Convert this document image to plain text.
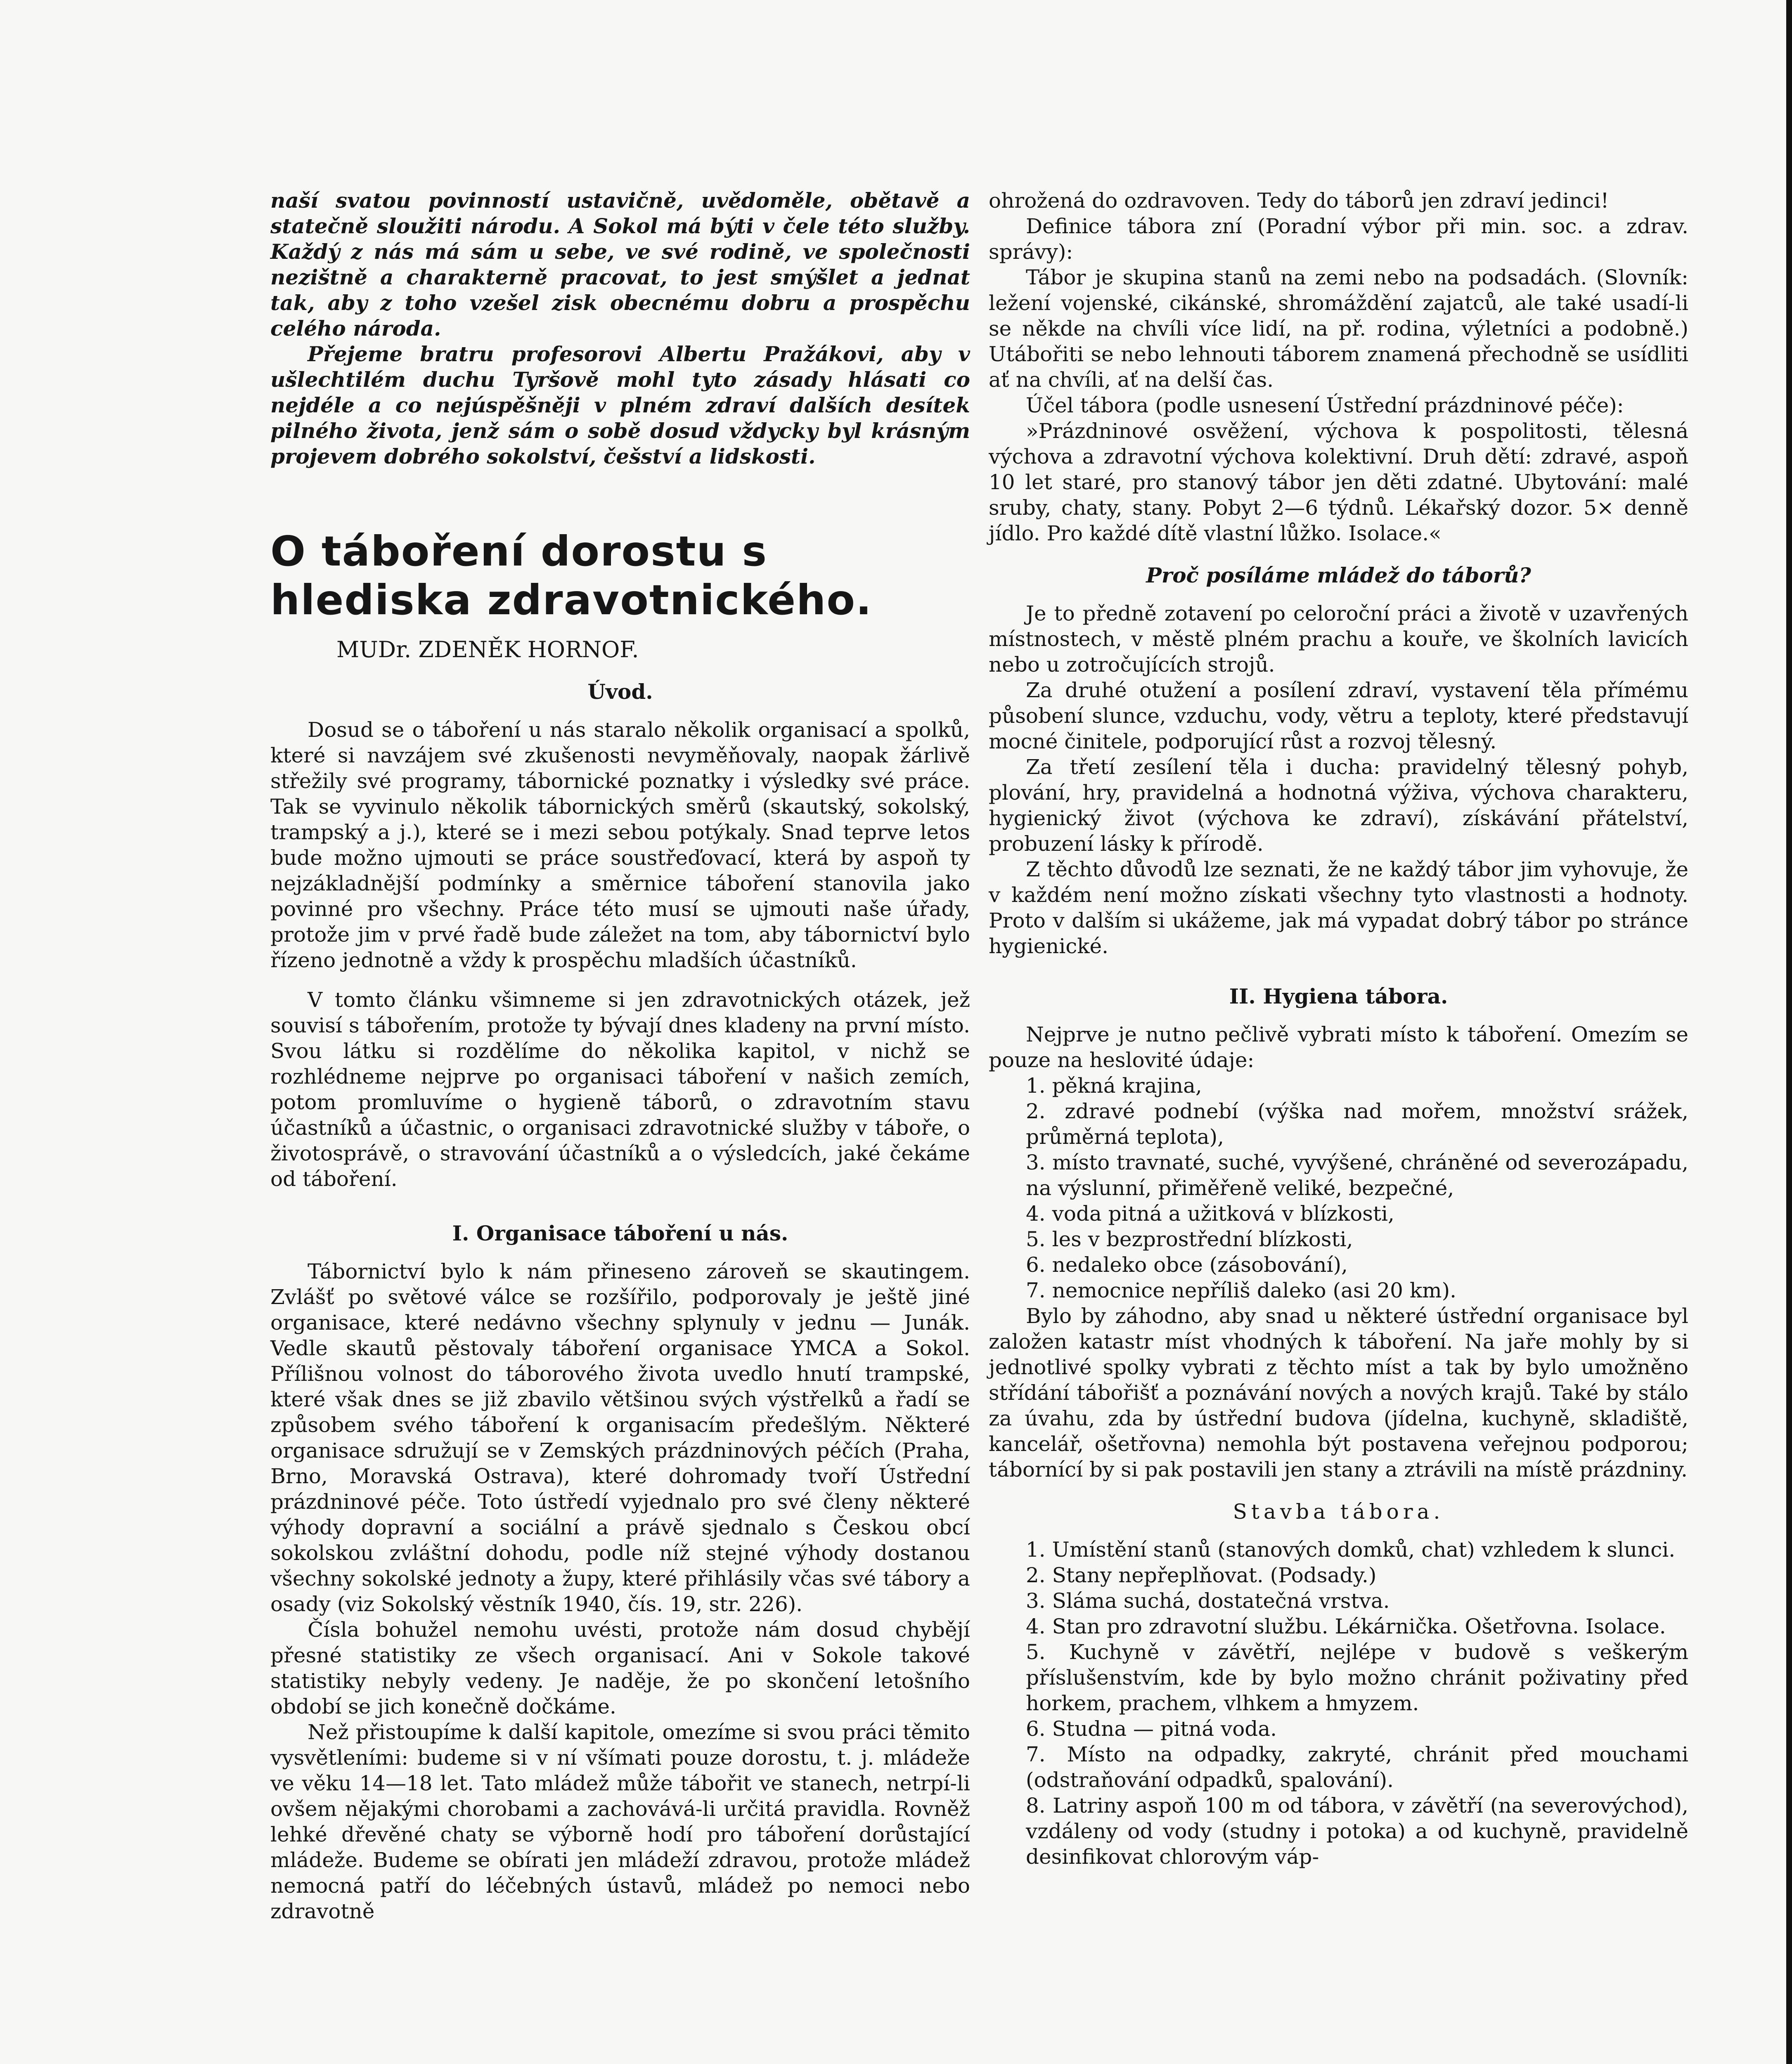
naší svatou povinností ustavičně, uvědoměle, obětavě a statečně sloužiti národu. A Sokol má býti v čele této služby. Každý z nás má sám u sebe, ve své rodině, ve společnosti nezištně a charakterně pracovat, to jest smýšlet a jednat tak, aby z toho vzešel zisk obecnému dobru a prospěchu celého národa.

Přejeme bratru profesorovi Albertu Pražákovi, aby v ušlechtilém duchu Tyršově mohl tyto zásady hlásati co nejdéle a co nejúspěšněji v plném zdraví dalších desítek pilného života, jenž sám o sobě dosud vždycky byl krásným projevem dobrého sokolství, češství a lidskosti.

O táboření dorostu s hlediska zdravotnického.

MUDr. ZDENĚK HORNOF.

Úvod.

Dosud se o táboření u nás staralo několik organisací a spolků, které si navzájem své zkušenosti nevyměňovaly, naopak žárlivě střežily své programy, tábornické poznatky i výsledky své práce. Tak se vyvinulo několik tábornických směrů (skautský, sokolský, trampský a j.), které se i mezi sebou potýkaly. Snad teprve letos bude možno ujmouti se práce soustřeďovací, která by aspoň ty nejzákladnější podmínky a směrnice táboření stanovila jako povinné pro všechny. Práce této musí se ujmouti naše úřady, protože jim v prvé řadě bude záležet na tom, aby tábornictví bylo řízeno jednotně a vždy k prospěchu mladších účastníků.

V tomto článku všimneme si jen zdravotnických otázek, jež souvisí s tábořením, protože ty bývají dnes kladeny na první místo. Svou látku si rozdělíme do několika kapitol, v nichž se rozhlédneme nejprve po organisaci táboření v našich zemích, potom promluvíme o hygieně táborů, o zdravotním stavu účastníků a účastnic, o organisaci zdravotnické služby v táboře, o životosprávě, o stravování účastníků a o výsledcích, jaké čekáme od táboření.

I. Organisace táboření u nás.

Tábornictví bylo k nám přineseno zároveň se skautingem. Zvlášť po světové válce se rozšířilo, podporovaly je ještě jiné organisace, které nedávno všechny splynuly v jednu — Junák. Vedle skautů pěstovaly táboření organisace YMCA a Sokol. Přílišnou volnost do táborového života uvedlo hnutí trampské, které však dnes se již zbavilo většinou svých výstřelků a řadí se způsobem svého táboření k organisacím předešlým. Některé organisace sdružují se v Zemských prázdninových péčích (Praha, Brno, Moravská Ostrava), které dohromady tvoří Ústřední prázdninové péče. Toto ústředí vyjednalo pro své členy některé výhody dopravní a sociální a právě sjednalo s Českou obcí sokolskou zvláštní dohodu, podle níž stejné výhody dostanou všechny sokolské jednoty a župy, které přihlásily včas své tábory a osady (viz Sokolský věstník 1940, čís. 19, str. 226).

Čísla bohužel nemohu uvésti, protože nám dosud chybějí přesné statistiky ze všech organisací. Ani v Sokole takové statistiky nebyly vedeny. Je naděje, že po skončení letošního období se jich konečně dočkáme.

Než přistoupíme k další kapitole, omezíme si svou práci těmito vysvětleními: budeme si v ní všímati pouze dorostu, t. j. mládeže ve věku 14—18 let. Tato mládež může tábořit ve stanech, netrpí-li ovšem nějakými chorobami a zachovává-li určitá pravidla. Rovněž lehké dřevěné chaty se výborně hodí pro táboření dorůstající mládeže. Budeme se obírati jen mládeží zdravou, protože mládež nemocná patří do léčebných ústavů, mládež po nemoci nebo zdravotně

ohrožená do ozdravoven. Tedy do táborů jen zdraví jedinci!

Definice tábora zní (Poradní výbor při min. soc. a zdrav. správy):

Tábor je skupina stanů na zemi nebo na podsadách. (Slovník: ležení vojenské, cikánské, shromáždění zajatců, ale také usadí-li se někde na chvíli více lidí, na př. rodina, výletníci a podobně.) Utábořiti se nebo lehnouti táborem znamená přechodně se usídliti ať na chvíli, ať na delší čas.

Účel tábora (podle usnesení Ústřední prázdninové péče):

»Prázdninové osvěžení, výchova k pospolitosti, tělesná výchova a zdravotní výchova kolektivní. Druh dětí: zdravé, aspoň 10 let staré, pro stanový tábor jen děti zdatné. Ubytování: malé sruby, chaty, stany. Pobyt 2—6 týdnů. Lékařský dozor. 5× denně jídlo. Pro každé dítě vlastní lůžko. Isolace.«

Proč posíláme mládež do táborů?

Je to předně zotavení po celoroční práci a životě v uzavřených místnostech, v městě plném prachu a kouře, ve školních lavicích nebo u zotročujících strojů.

Za druhé otužení a posílení zdraví, vystavení těla přímému působení slunce, vzduchu, vody, větru a teploty, které představují mocné činitele, podporující růst a rozvoj tělesný.

Za třetí zesílení těla i ducha: pravidelný tělesný pohyb, plování, hry, pravidelná a hodnotná výživa, výchova charakteru, hygienický život (výchova ke zdraví), získávání přátelství, probuzení lásky k přírodě.

Z těchto důvodů lze seznati, že ne každý tábor jim vyhovuje, že v každém není možno získati všechny tyto vlastnosti a hodnoty. Proto v dalším si ukážeme, jak má vypadat dobrý tábor po stránce hygienické.

II. Hygiena tábora.

Nejprve je nutno pečlivě vybrati místo k táboření. Omezím se pouze na heslovité údaje:

1. pěkná krajina,

2. zdravé podnebí (výška nad mořem, množství srážek, průměrná teplota),

3. místo travnaté, suché, vyvýšené, chráněné od severozápadu, na výslunní, přiměřeně veliké, bezpečné,

4. voda pitná a užitková v blízkosti,

5. les v bezprostřední blízkosti,

6. nedaleko obce (zásobování),

7. nemocnice nepříliš daleko (asi 20 km).

Bylo by záhodno, aby snad u některé ústřední organisace byl založen katastr míst vhodných k táboření. Na jaře mohly by si jednotlivé spolky vybrati z těchto míst a tak by bylo umožněno střídání tábořišť a poznávání nových a nových krajů. Také by stálo za úvahu, zda by ústřední budova (jídelna, kuchyně, skladiště, kancelář, ošetřovna) nemohla být postavena veřejnou podporou; tábornící by si pak postavili jen stany a ztrávili na místě prázdniny.

Stavba tábora.

1. Umístění stanů (stanových domků, chat) vzhledem k slunci.

2. Stany nepřeplňovat. (Podsady.)

3. Sláma suchá, dostatečná vrstva.

4. Stan pro zdravotní službu. Lékárnička. Ošetřovna. Isolace.

5. Kuchyně v závětří, nejlépe v budově s veškerým příslušenstvím, kde by bylo možno chránit poživatiny před horkem, prachem, vlhkem a hmyzem.

6. Studna — pitná voda.

7. Místo na odpadky, zakryté, chránit před mouchami (odstraňování odpadků, spalování).

8. Latriny aspoň 100 m od tábora, v závětří (na severovýchod), vzdáleny od vody (studny i potoka) a od kuchyně, pravidelně desinfikovat chlorovým váp-
